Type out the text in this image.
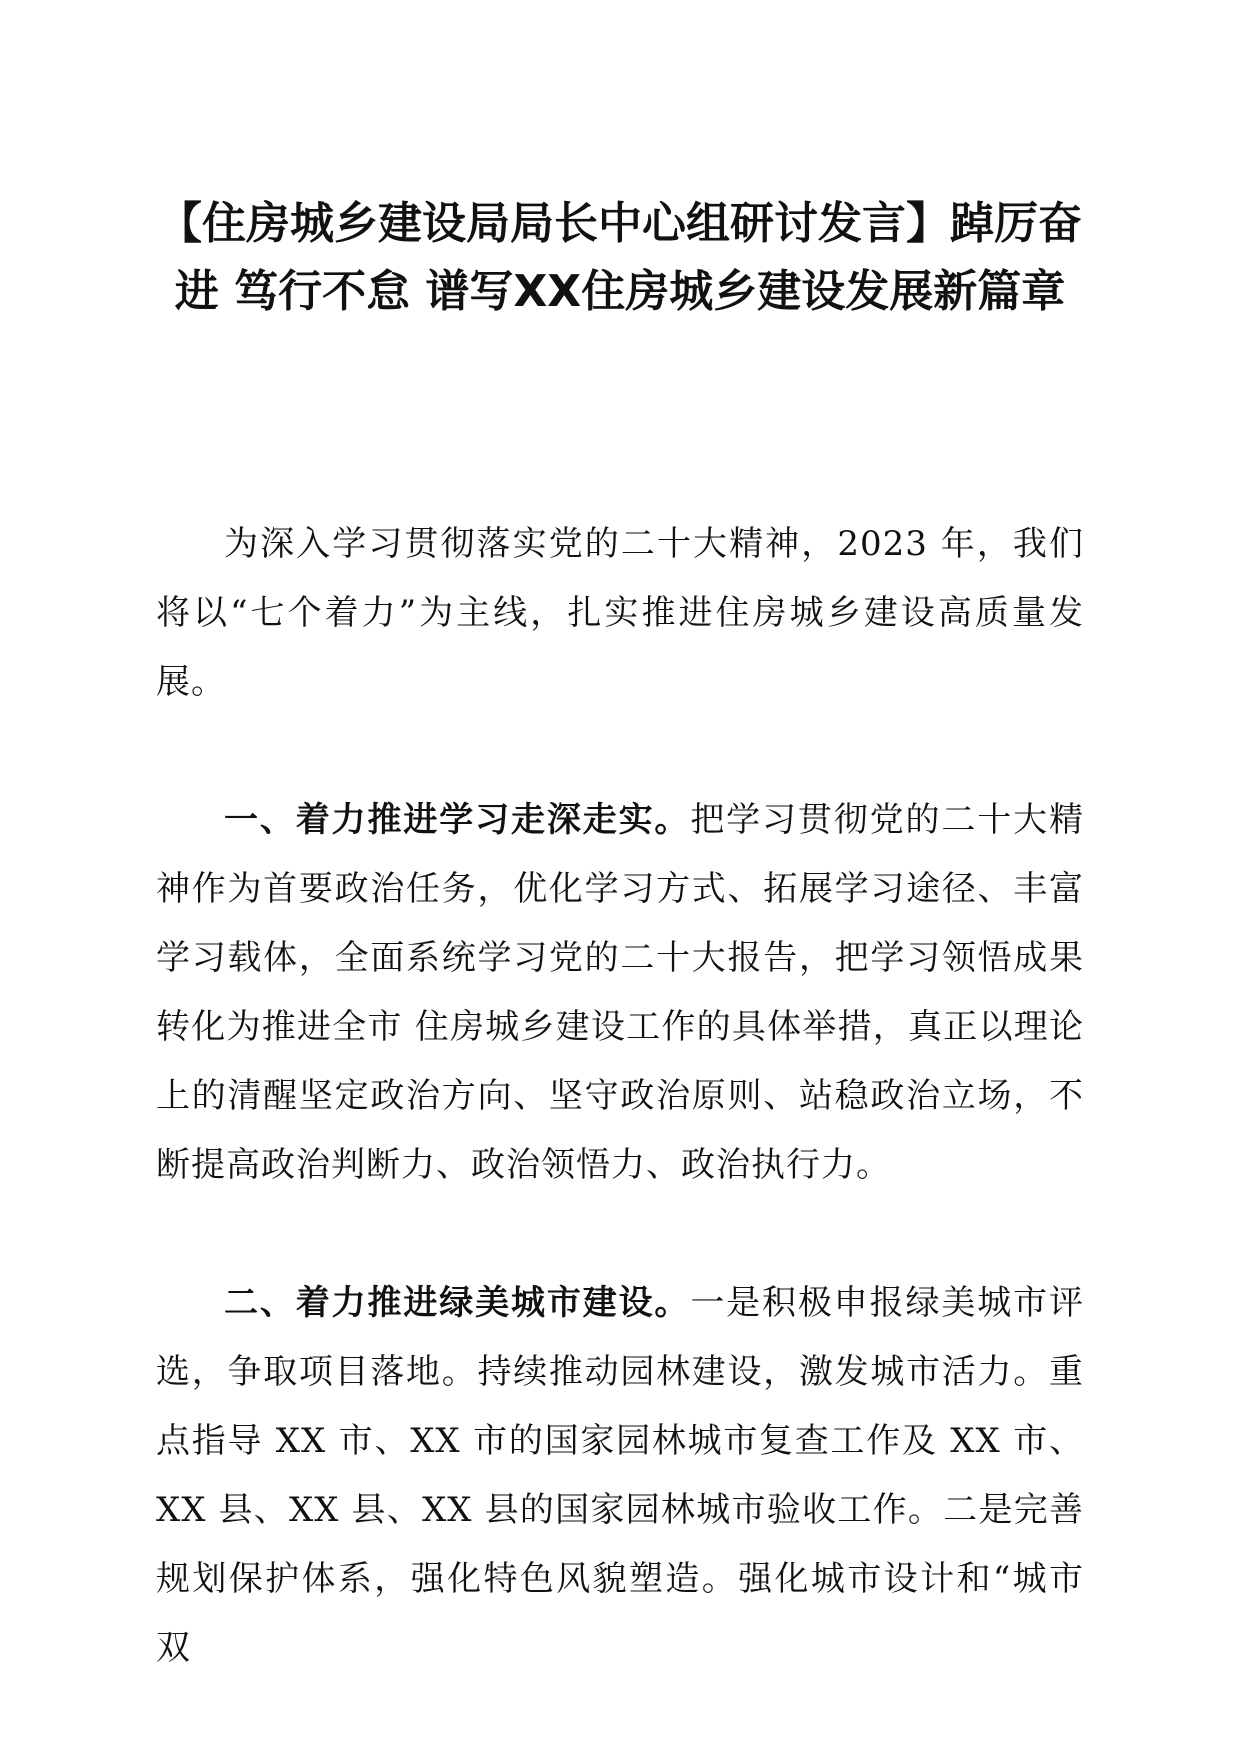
【住房城乡建设局局长中心组研讨发言】踔厉奋进 笃行不怠 谱写XX住房城乡建设发展新篇章

为深入学习贯彻落实党的二十大精神，2023 年，我们将以“七个着力”为主线，扎实推进住房城乡建设高质量发展。

一、着力推进学习走深走实。把学习贯彻党的二十大精神作为首要政治任务，优化学习方式、拓展学习途径、丰富学习载体，全面系统学习党的二十大报告，把学习领悟成果转化为推进全市 住房城乡建设工作的具体举措，真正以理论上的清醒坚定政治方向、坚守政治原则、站稳政治立场，不断提高政治判断力、政治领悟力、政治执行力。

二、着力推进绿美城市建设。一是积极申报绿美城市评选，争取项目落地。持续推动园林建设，激发城市活力。重点指导 XX 市、XX 市的国家园林城市复查工作及 XX 市、XX 县、XX 县、XX 县的国家园林城市验收工作。二是完善规划保护体系，强化特色风貌塑造。强化城市设计和“城市双
